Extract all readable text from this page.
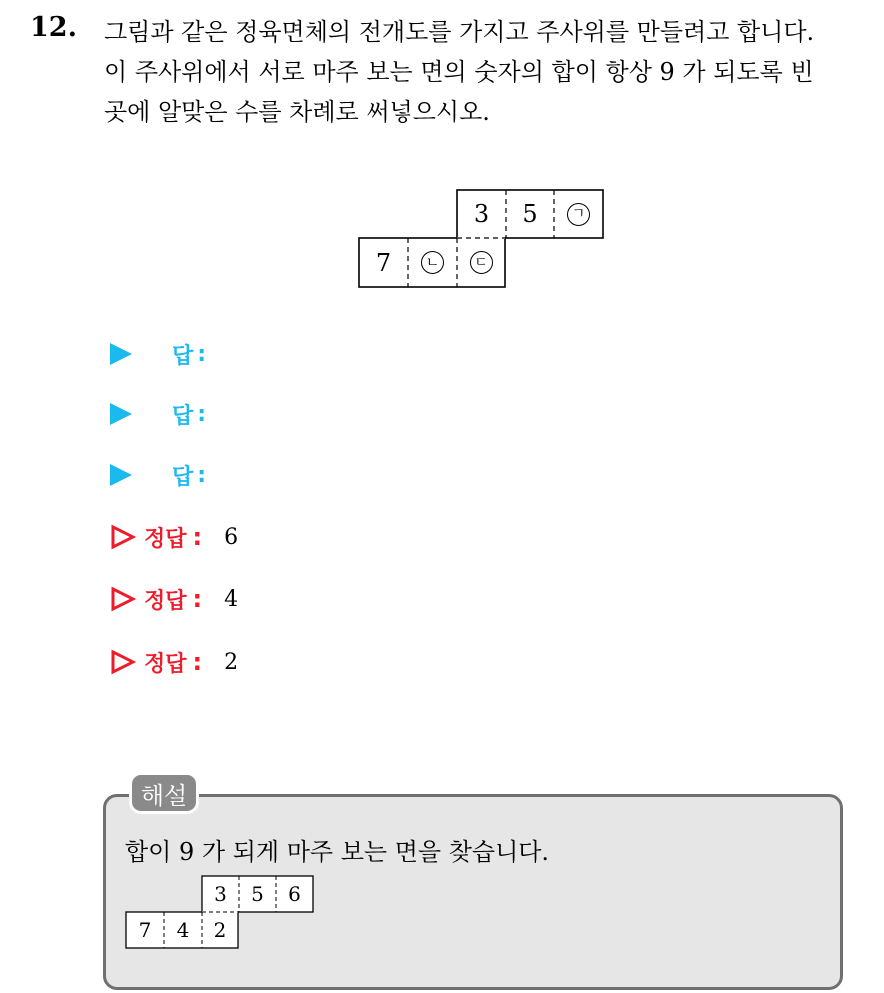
12. 그림과 같은 정육면체의 전개도를 가지고 주사위를 만들려고 합니다.
이 주사위에서 서로 마주 보는 면의 숫자의 합이 항상 9 가 되도록 빈
곳에 알맞은 수를 차례로 써넣으시오.
3	5	ㄱ
7	ㄴ	ㄷ
답 :
답 :
답 :
정답 : 6
정답 : 4
정답 : 2
해설
합이 9 가 되게 마주 보는 면을 찾습니다.
3	5	6
7	4	2
